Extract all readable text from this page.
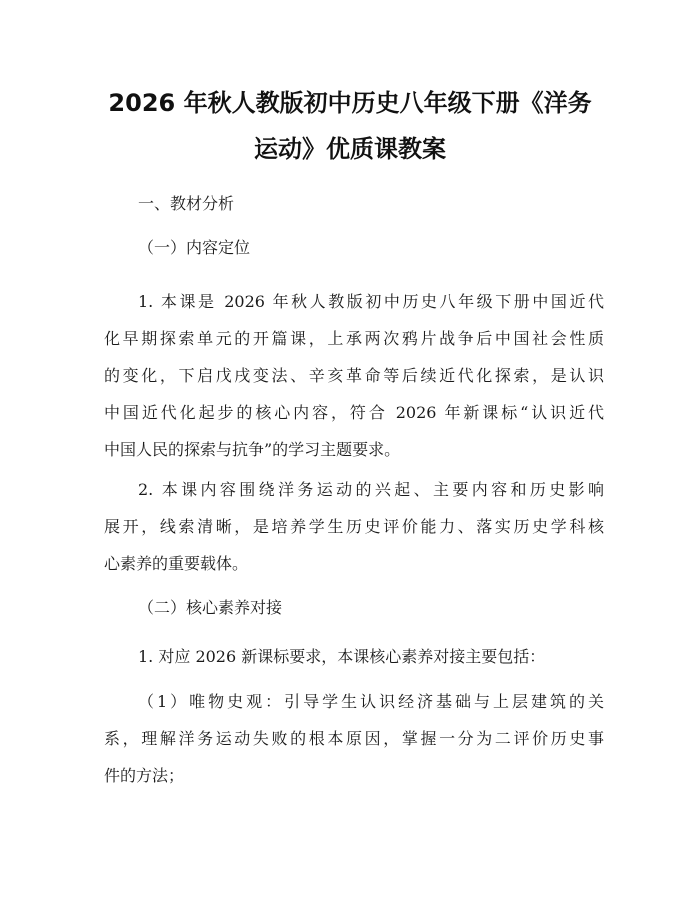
2026 年秋人教版初中历史八年级下册《洋务
运动》优质课教案
一、教材分析
（一）内容定位
1. 本课是 2026 年秋人教版初中历史八年级下册中国近代
化早期探索单元的开篇课，上承两次鸦片战争后中国社会性质
的变化，下启戊戌变法、辛亥革命等后续近代化探索，是认识
中国近代化起步的核心内容，符合 2026 年新课标“认识近代
中国人民的探索与抗争”的学习主题要求。
2. 本课内容围绕洋务运动的兴起、主要内容和历史影响
展开，线索清晰，是培养学生历史评价能力、落实历史学科核
心素养的重要载体。
（二）核心素养对接
1. 对应 2026 新课标要求，本课核心素养对接主要包括：
（1）唯物史观：引导学生认识经济基础与上层建筑的关
系，理解洋务运动失败的根本原因，掌握一分为二评价历史事
件的方法；
